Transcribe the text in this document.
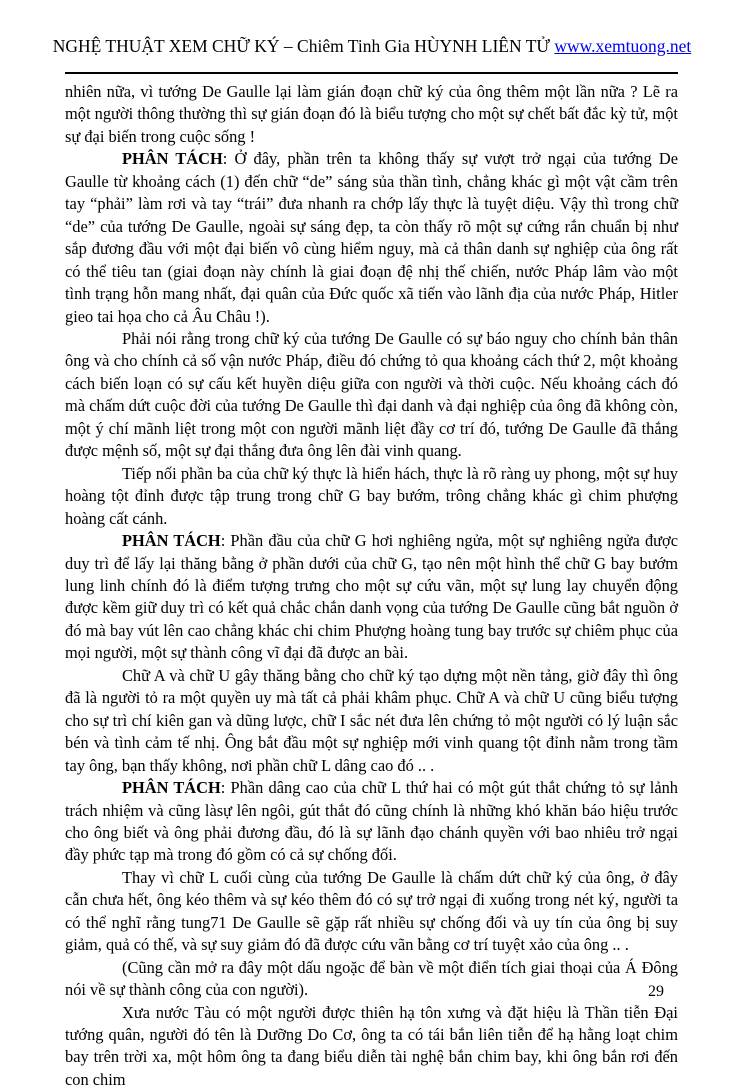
NGHỆ THUẬT XEM CHỮ KÝ – Chiêm Tinh Gia HÙYNH LIÊN TỬ www.xemtuong.net

nhiên nữa, vì tướng De Gaulle lại làm gián đoạn chữ ký của ông thêm một lần nữa ? Lẽ ra một người thông thường thì sự gián đoạn đó là biểu tượng cho một sự chết bất đắc kỳ tử, một sự đại biến trong cuộc sống !

PHÂN TÁCH: Ở đây, phần trên ta không thấy sự vượt trở ngại của tướng De Gaulle từ khoảng cách (1) đến chữ “de” sáng sủa thần tình, chẳng khác gì một vật cầm trên tay “phải” làm rơi và tay “trái” đưa nhanh ra chớp lấy thực là tuyệt diệu. Vậy thì trong chữ “de” của tướng De Gaulle, ngoài sự sáng đẹp, ta còn thấy rõ một sự cứng rắn chuẩn bị như sắp đương đầu với một đại biến vô cùng hiểm nguy, mà cả thân danh sự nghiệp của ông rất có thể tiêu tan (giai đoạn này chính là giai đoạn đệ nhị thế chiến, nước Pháp lâm vào một tình trạng hỗn mang nhất, đại quân của Đức quốc xã tiến vào lãnh địa của nước Pháp, Hitler gieo tai họa cho cả Âu Châu !).

Phải nói rằng trong chữ ký của tướng De Gaulle có sự báo nguy cho chính bản thân ông và cho chính cả số vận nước Pháp, điều đó chứng tỏ qua khoảng cách thứ 2, một khoảng cách biến loạn có sự cấu kết huyền diệu giữa con người và thời cuộc. Nếu khoảng cách đó mà chấm dứt cuộc đời của tướng De Gaulle thì đại danh và đại nghiệp của ông đã không còn, một ý chí mãnh liệt trong một con người mãnh liệt đầy cơ trí đó, tướng De Gaulle đã thắng được mệnh số, một sự đại thắng đưa ông lên đài vinh quang.

Tiếp nối phần ba của chữ ký thực là hiển hách, thực là rõ ràng uy phong, một sự huy hoàng tột đỉnh được tập trung trong chữ G bay bướm, trông chẳng khác gì chim phượng hoàng cất cánh.

PHÂN TÁCH: Phần đầu của chữ G hơi nghiêng ngửa, một sự nghiêng ngửa được duy trì để lấy lại thăng bằng ở phần dưới của chữ G, tạo nên một hình thể chữ G bay bướm lung linh chính đó là điểm tượng trưng cho một sự cứu vãn, một sự lung lay chuyển động được kềm giữ duy trì có kết quả chắc chắn danh vọng của tướng De Gaulle cũng bắt nguồn ở đó mà bay vút lên cao chẳng khác chi chim Phượng hoàng tung bay trước sự chiêm phục của mọi người, một sự thành công vĩ đại đã được an bài.

Chữ A và chữ U gây thăng bằng cho chữ ký tạo dựng một nền tảng, giờ đây thì ông đã là người tỏ ra một quyền uy mà tất cả phải khâm phục. Chữ A và chữ U cũng biểu tượng cho sự trì chí kiên gan và dũng lược, chữ I sắc nét đưa lên chứng tỏ một người có lý luận sắc bén và tình cảm tế nhị. Ông bắt đầu một sự nghiệp mới vinh quang tột đỉnh nằm trong tầm tay ông, bạn thấy không, nơi phần chữ L dâng cao đó .. .

PHÂN TÁCH: Phần dâng cao của chữ L thứ hai có một gút thắt chứng tỏ sự lảnh trách nhiệm và cũng làsự lên ngôi, gút thắt đó cũng chính là những khó khăn báo hiệu trước cho ông biết và ông phải đương đầu, đó là sự lãnh đạo chánh quyền với bao nhiêu trở ngại đầy phức tạp mà trong đó gồm có cả sự chống đối.

Thay vì chữ L cuối cùng của tướng De Gaulle là chấm dứt chữ ký của ông, ở đây cẫn chưa hết, ông kéo thêm và sự kéo thêm đó có sự trở ngại đi xuống trong nét ký, người ta có thể nghĩ rằng tung71 De Gaulle sẽ gặp rất nhiều sự chống đối và uy tín của ông bị suy giảm, quả có thế, và sự suy giảm đó đã được cứu vãn bằng cơ trí tuyệt xảo của ông .. .

(Cũng cần mở ra đây một dấu ngoặc để bàn về một điển tích giai thoại của Á Đông nói về sự thành công của con người).

Xưa nước Tàu có một người được thiên hạ tôn xưng và đặt hiệu là Thần tiễn Đại tướng quân, người đó tên là Dưỡng Do Cơ, ông ta có tái bắn liên tiễn để hạ hằng loạt chim bay trên trời xa, một hôm ông ta đang biểu diễn tài nghệ bắn chim bay, khi ông bắn rơi đến con chim

29
